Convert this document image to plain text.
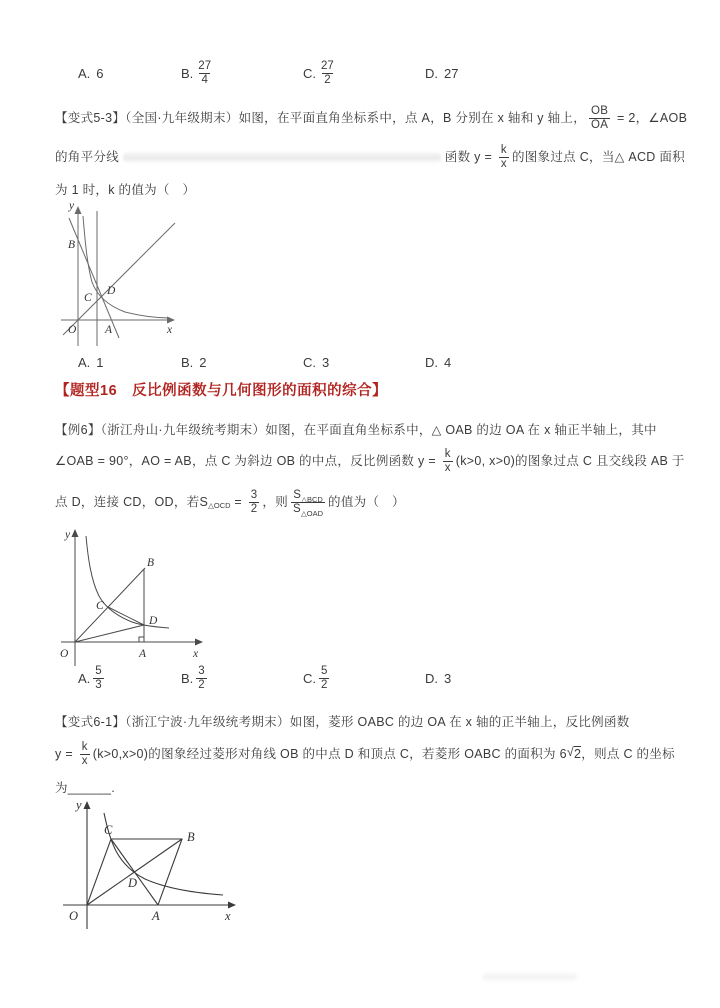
A. 6	B. $\frac{27}{4}$	C. $\frac{27}{2}$	D. 27
【变式5-3】（全国·九年级期末）如图，在平面直角坐标系中，点 A，B 分别在 x 轴和 y 轴上， $\frac{OB}{OA} = 2$，∠AOB
的角平分线	函数 $y = \frac{k}{x}$ 的图象过点 C，当△ ACD 面积
为 1 时，k 的值为（　）
y
B
C
D
O A	x
A. 1	B. 2	C. 3	D. 4
【题型16　反比例函数与几何图形的面积的综合】
【例6】（浙江舟山·九年级统考期末）如图，在平面直角坐标系中，△ OAB 的边 OA 在 x 轴正半轴上，其中
∠OAB = 90°，AO = AB，点 C 为斜边 OB 的中点，反比例函数 $y = \frac{k}{x} (k>0$, x>0)的图象过点 C 且交线段 AB 于
点 D，连接 CD，OD，若S △OCD = $\frac{3}{2}$ ，则 S △BCD
S △OAD
的值为（　）
y
B
C
D
O	A	x
A. $\frac{5}{3}$	B. $\frac{3}{2}$	C. $\frac{5}{2}$	D. 3
【变式6-1】（浙江宁波·九年级统考期末）如图，菱形 OABC 的边 OA 在 x 轴的正半轴上，反比例函数
$y = \frac{k}{x} (k>0,x>0)$的图象经过菱形对角线 OB 的中点 D 和顶点 C，若菱形 OABC 的面积为 6 √ 2 ，则点 C 的坐标
为______.
y
C	B
D
O	A	x
